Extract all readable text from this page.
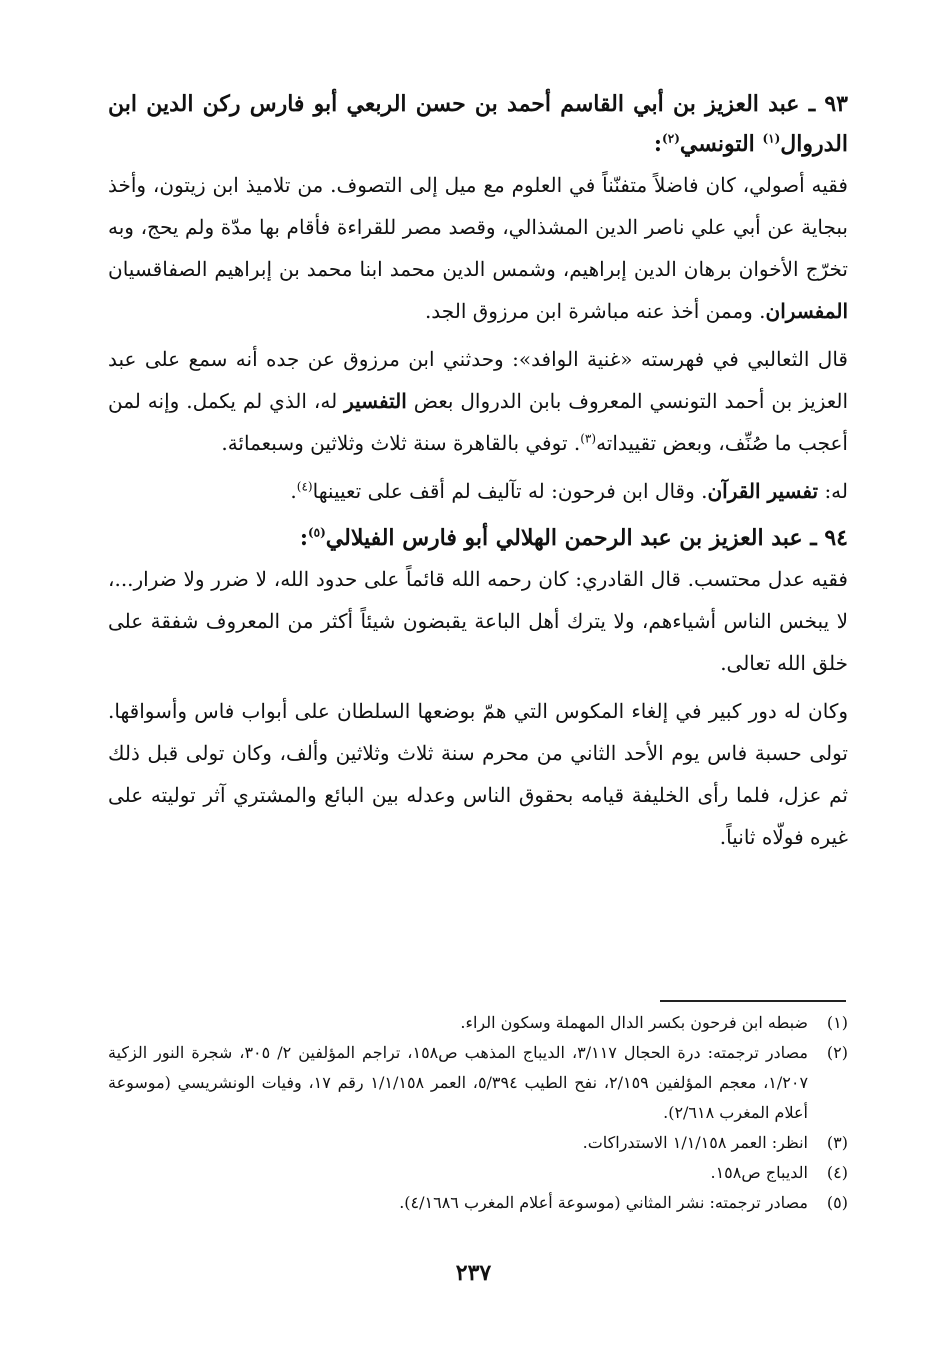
٩٣ ـ عبد العزيز بن أبي القاسم أحمد بن حسن الربعي أبو فارس ركن الدين ابن الدروال$^{(١)}$ التونسي$^{(٢)}$:

فقيه أصولي، كان فاضلاً متفنّناً في العلوم مع ميل إلى التصوف. من تلاميذ ابن زيتون، وأخذ ببجاية عن أبي علي ناصر الدين المشذالي، وقصد مصر للقراءة فأقام بها مدّة ولم يحج، وبه تخرّج الأخوان برهان الدين إبراهيم، وشمس الدين محمد ابنا محمد بن إبراهيم الصفاقسيان المفسران. وممن أخذ عنه مباشرة ابن مرزوق الجد.

قال الثعالبي في فهرسته «غنية الوافد»: وحدثني ابن مرزوق عن جده أنه سمع على عبد العزيز بن أحمد التونسي المعروف بابن الدروال بعض التفسير له، الذي لم يكمل. وإنه لمن أعجب ما صُنِّف، وبعض تقييداته$^{(٣)}$. توفي بالقاهرة سنة ثلاث وثلاثين وسبعمائة.

له: تفسير القرآن. وقال ابن فرحون: له تآليف لم أقف على تعيينها$^{(٤)}$.

٩٤ ـ عبد العزيز بن عبد الرحمن الهلالي أبو فارس الفيلالي$^{(٥)}$:

فقيه عدل محتسب. قال القادري: كان رحمه الله قائماً على حدود الله، لا ضرر ولا ضرار...، لا يبخس الناس أشياءهم، ولا يترك أهل الباعة يقبضون شيئاً أكثر من المعروف شفقة على خلق الله تعالى.

وكان له دور كبير في إلغاء المكوس التي همّ بوضعها السلطان على أبواب فاس وأسواقها. تولى حسبة فاس يوم الأحد الثاني من محرم سنة ثلاث وثلاثين وألف، وكان تولى قبل ذلك ثم عزل، فلما رأى الخليفة قيامه بحقوق الناس وعدله بين البائع والمشتري آثر توليته على غيره فولّاه ثانياً.

(١)
ضبطه ابن فرحون بكسر الدال المهملة وسكون الراء.

(٢)
مصادر ترجمته: درة الحجال ٣/١١٧، الديباج المذهب ص١٥٨، تراجم المؤلفين ٢/ ٣٠٥، شجرة النور الزكية ١/٢٠٧، معجم المؤلفين ٢/١٥٩، نفح الطيب ٥/٣٩٤، العمر ١/١/١٥٨ رقم ١٧، وفيات الونشريسي (موسوعة أعلام المغرب ٢/٦١٨).

(٣)
انظر: العمر ١/١/١٥٨ الاستدراكات.

(٤)
الديباج ص١٥٨.

(٥)
مصادر ترجمته: نشر المثاني (موسوعة أعلام المغرب ٤/١٦٨٦).

٢٣٧
